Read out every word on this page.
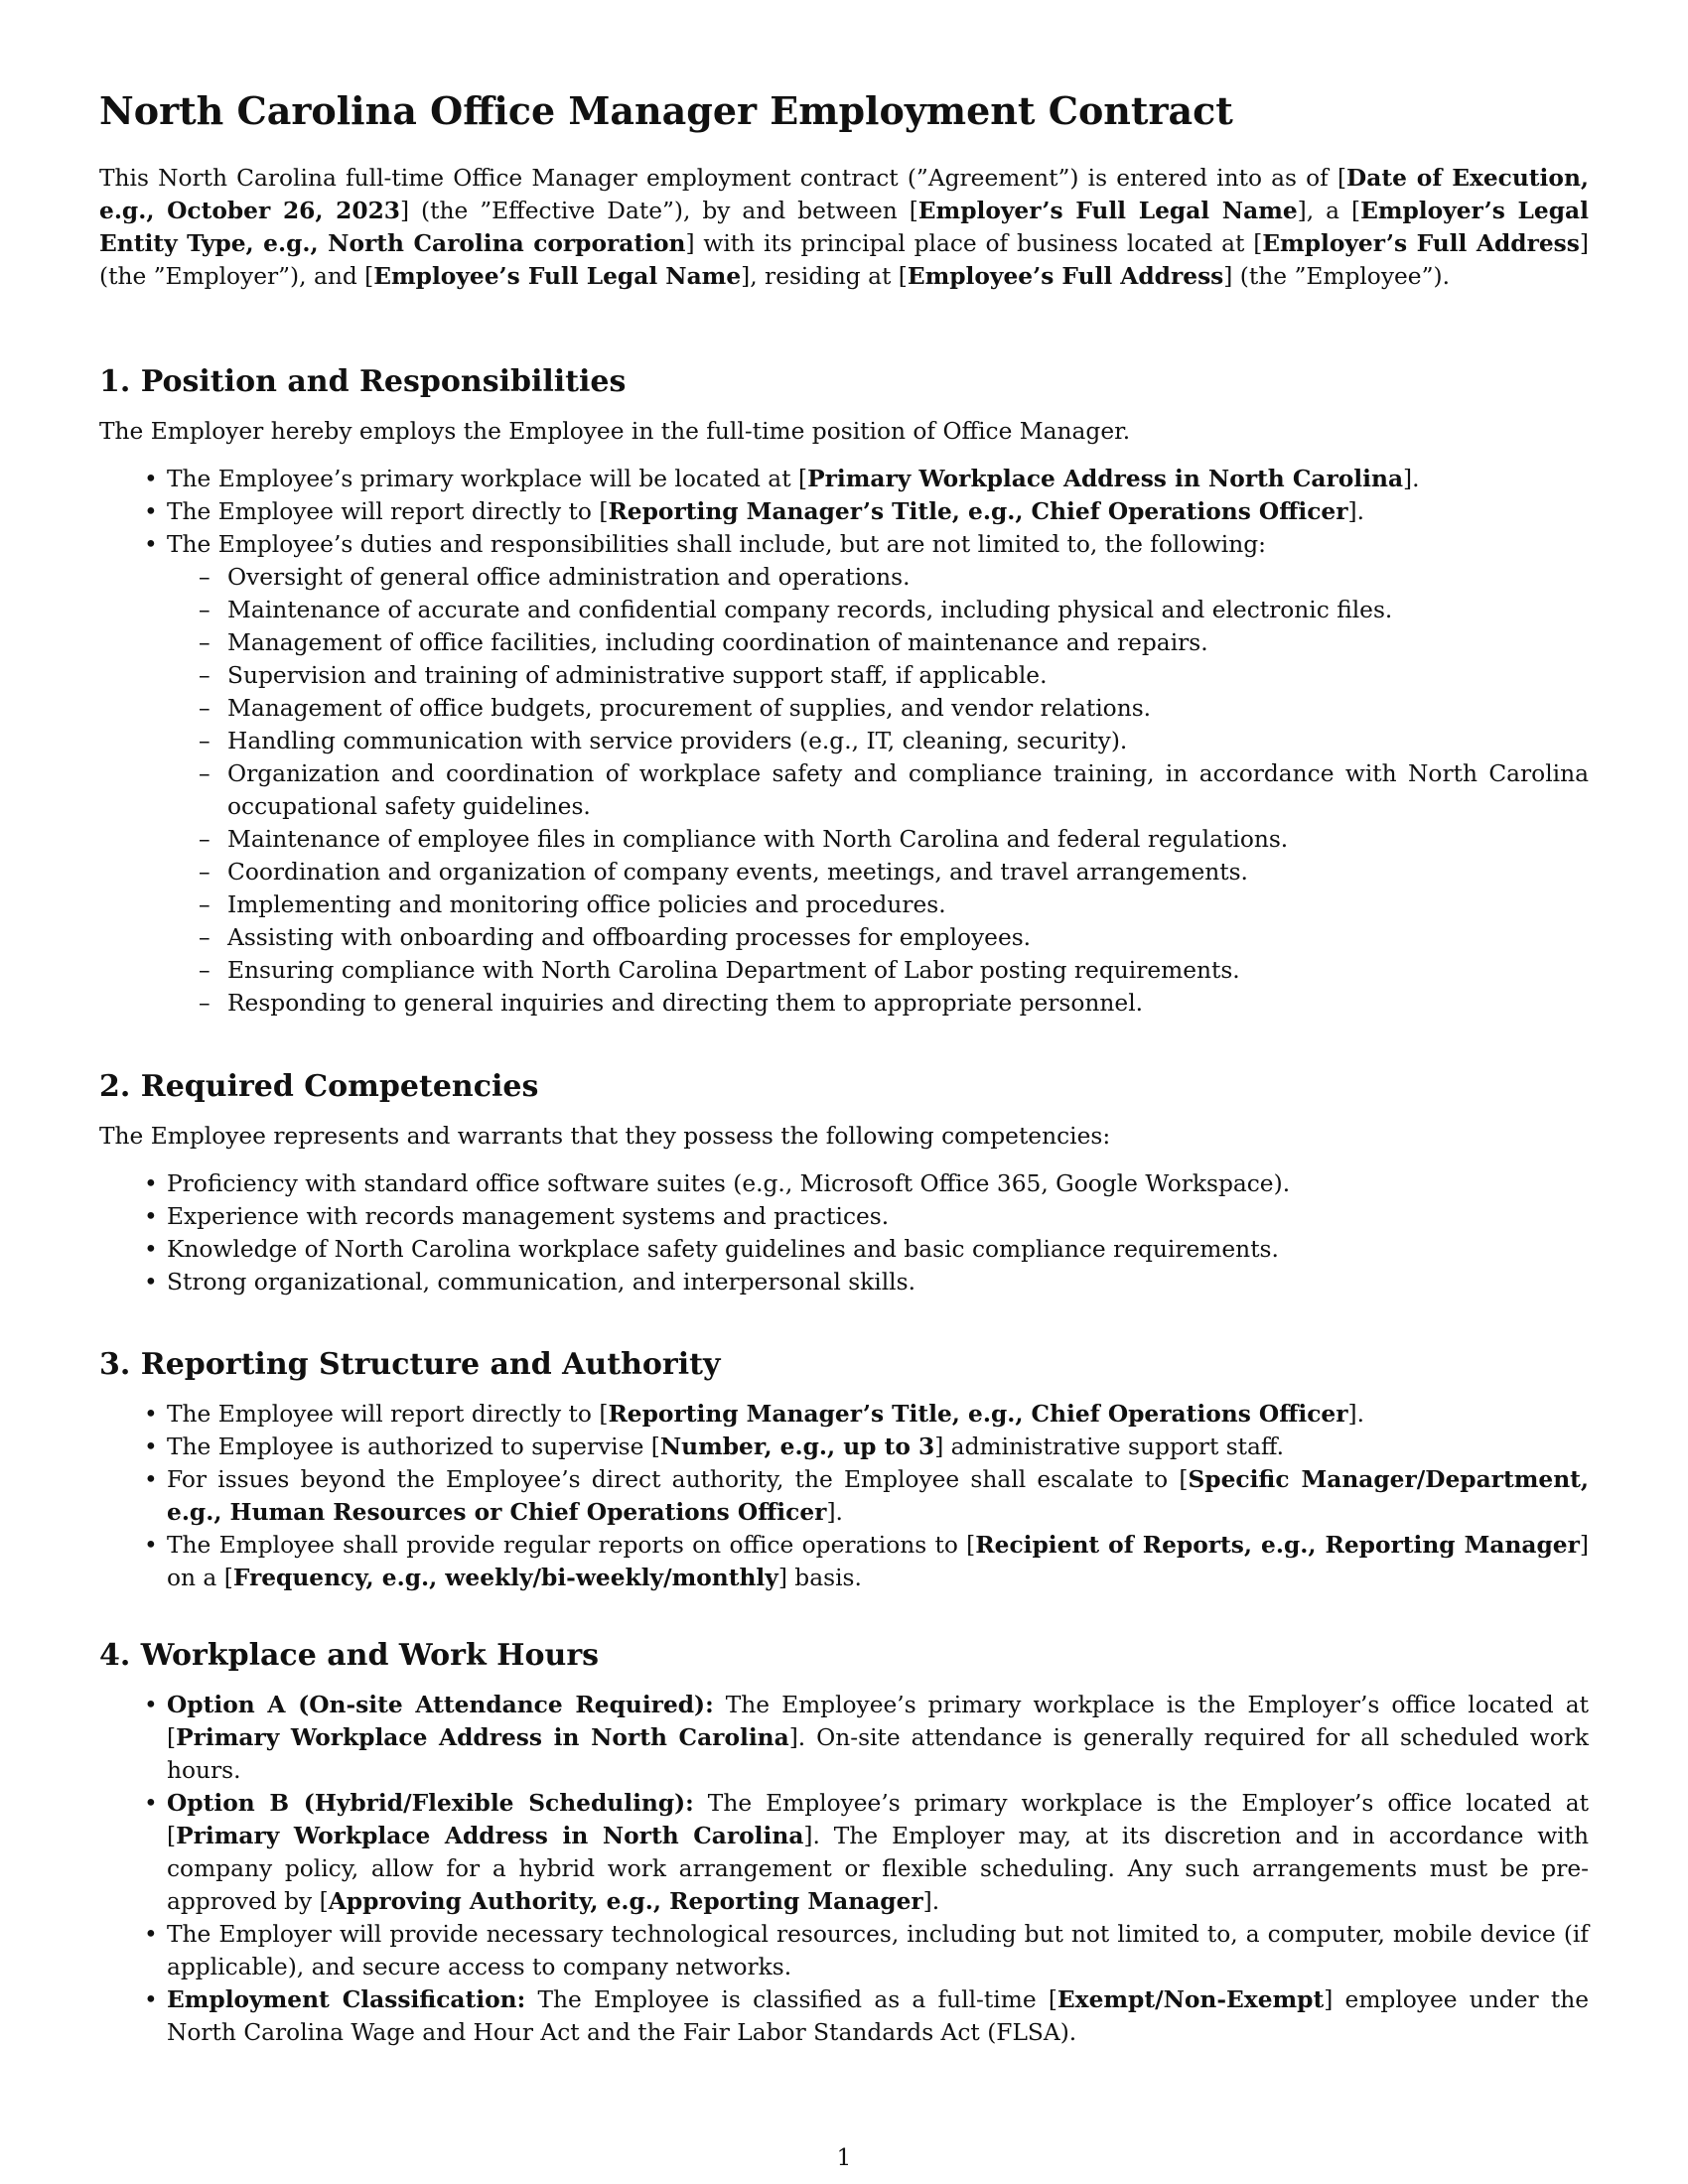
North Carolina Office Manager Employment Contract

This North Carolina full-time Office Manager employment contract (”Agreement”) is entered into as of [Date of Execution, e.g., October 26, 2023] (the ”Effective Date”), by and between [Employer’s Full Legal Name], a [Employer’s Legal Entity Type, e.g., North Carolina corporation] with its principal place of business located at [Employer’s Full Address] (the ”Employer”), and [Employee’s Full Legal Name], residing at [Employee’s Full Address] (the ”Employee”).

1. Position and Responsibilities

The Employer hereby employs the Employee in the full-time position of Office Manager.

• The Employee’s primary workplace will be located at [Primary Workplace Address in North Carolina].
• The Employee will report directly to [Reporting Manager’s Title, e.g., Chief Operations Officer].
• The Employee’s duties and responsibilities shall include, but are not limited to, the following:
– Oversight of general office administration and operations.
– Maintenance of accurate and confidential company records, including physical and electronic files.
– Management of office facilities, including coordination of maintenance and repairs.
– Supervision and training of administrative support staff, if applicable.
– Management of office budgets, procurement of supplies, and vendor relations.
– Handling communication with service providers (e.g., IT, cleaning, security).
– Organization and coordination of workplace safety and compliance training, in accordance with North Carolina occupational safety guidelines.
– Maintenance of employee files in compliance with North Carolina and federal regulations.
– Coordination and organization of company events, meetings, and travel arrangements.
– Implementing and monitoring office policies and procedures.
– Assisting with onboarding and offboarding processes for employees.
– Ensuring compliance with North Carolina Department of Labor posting requirements.
– Responding to general inquiries and directing them to appropriate personnel.
2. Required Competencies

The Employee represents and warrants that they possess the following competencies:

• Proficiency with standard office software suites (e.g., Microsoft Office 365, Google Workspace).
• Experience with records management systems and practices.
• Knowledge of North Carolina workplace safety guidelines and basic compliance requirements.
• Strong organizational, communication, and interpersonal skills.
3. Reporting Structure and Authority
• The Employee will report directly to [Reporting Manager’s Title, e.g., Chief Operations Officer].
• The Employee is authorized to supervise [Number, e.g., up to 3] administrative support staff.
• For issues beyond the Employee’s direct authority, the Employee shall escalate to [Specific Manager/Department, e.g., Human Resources or Chief Operations Officer].
• The Employee shall provide regular reports on office operations to [Recipient of Reports, e.g., Reporting Manager] on a [Frequency, e.g., weekly/bi-weekly/monthly] basis.
4. Workplace and Work Hours
• Option A (On-site Attendance Required): The Employee’s primary workplace is the Employer’s office located at [Primary Workplace Address in North Carolina]. On-site attendance is generally required for all scheduled work hours.
• Option B (Hybrid/Flexible Scheduling): The Employee’s primary workplace is the Employer’s office located at [Primary Workplace Address in North Carolina]. The Employer may, at its discretion and in accordance with company policy, allow for a hybrid work arrangement or flexible scheduling. Any such arrangements must be pre-approved by [Approving Authority, e.g., Reporting Manager].
• The Employer will provide necessary technological resources, including but not limited to, a computer, mobile device (if applicable), and secure access to company networks.
• Employment Classification: The Employee is classified as a full-time [Exempt/Non-Exempt] employee under the North Carolina Wage and Hour Act and the Fair Labor Standards Act (FLSA).
1
